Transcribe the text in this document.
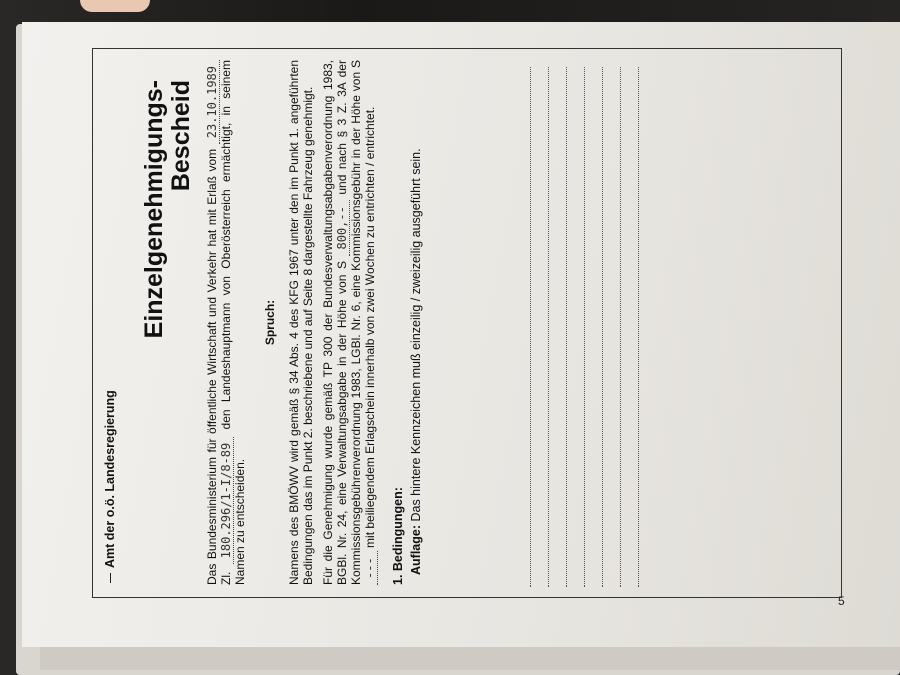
5
Amt der o.ö. Landesregierung
Einzelgenehmigungs- Bescheid
Das Bundesministerium für öffentliche Wirtschaft und Verkehr hat mit Erlaß vom 23.10.1989 Zl. 180.296/1-I/8-89 den Landeshauptmann von Oberösterreich ermächtigt, in seinem Namen zu entscheiden.
Spruch: Namens des BMÖWV wird gemäß § 34 Abs. 4 des KFG 1967 unter den im Punkt 1. angeführten Bedingungen das im Punkt 2. beschriebene und auf Seite 8 dargestellte Fahrzeug genehmigt. Für die Genehmigung wurde gemäß TP 300 der Bundesverwaltungsabgabenverordnung 1983, BGBl. Nr. 24, eine Verwaltungsabgabe in der Höhe von S 800,-- und nach § 3 Z. 3A der Kommissionsgebührenverordnung 1983, LGBl. Nr. 6, eine Kommissionsgebühr in der Höhe von S --- mit beiliegendem Erlagschein innerhalb von zwei Wochen zu entrichten / entrichtet. 1. Bedingungen: Auflage: Das hintere Kennzeichen muß einzeilig / zweizeilig ausgeführt sein.
